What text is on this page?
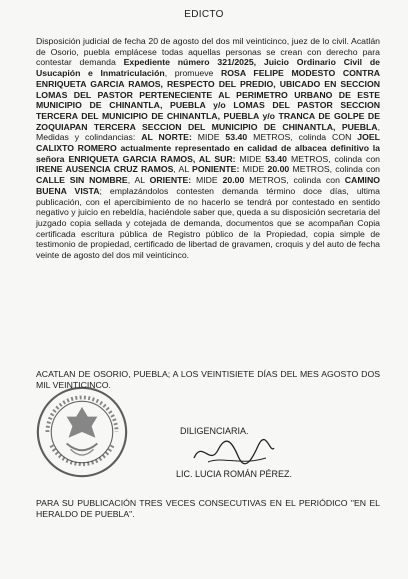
EDICTO
Disposición judicial de fecha 20 de agosto del dos mil veinticinco, juez de lo civil. Acatlán de Osorio, puebla emplácese todas aquellas personas se crean con derecho para contestar demanda Expediente número 321/2025, Juicio Ordinario Civil de Usucapión e Inmatriculación, promueve ROSA FELIPE MODESTO CONTRA ENRIQUETA GARCIA RAMOS, RESPECTO DEL PREDIO, UBICADO EN SECCION LOMAS DEL PASTOR PERTENECIENTE AL PERIMETRO URBANO DE ESTE MUNICIPIO DE CHINANTLA, PUEBLA y/o LOMAS DEL PASTOR SECCION TERCERA DEL MUNICIPIO DE CHINANTLA, PUEBLA y/o TRANCA DE GOLPE DE ZOQUIAPAN TERCERA SECCION DEL MUNICIPIO DE CHINANTLA, PUEBLA, Medidas y colindancias: AL NORTE: MIDE 53.40 METROS, colinda CON JOEL CALIXTO ROMERO actualmente representado en calidad de albacea definitivo la señora ENRIQUETA GARCIA RAMOS, AL SUR: MIDE 53.40 METROS, colinda con IRENE AUSENCIA CRUZ RAMOS, AL PONIENTE: MIDE 20.00 METROS, colinda con CALLE SIN NOMBRE, AL ORIENTE: MIDE 20.00 METROS, colinda con CAMINO BUENA VISTA; emplazándolos contesten demanda término doce días, ultima publicación, con el apercibimiento de no hacerlo se tendrá por contestado en sentido negativo y juicio en rebeldía, haciéndole saber que, queda a su disposición secretaria del juzgado copia sellada y cotejada de demanda, documentos que se acompañan Copia certificada escritura pública de Registro público de la Propiedad, copia simple de testimonio de propiedad, certificado de libertad de gravamen, croquis y del auto de fecha veinte de agosto del dos mil veinticinco.
ACATLAN DE OSORIO, PUEBLA; A LOS VEINTISIETE DÍAS DEL MES AGOSTO DOS MIL VEINTICINCO.
DILIGENCIARIA.
LIC. LUCIA ROMÁN PÉREZ.
PARA SU PUBLICACIÓN TRES VECES CONSECUTIVAS EN EL PERIÓDICO "EN EL HERALDO DE PUEBLA".
